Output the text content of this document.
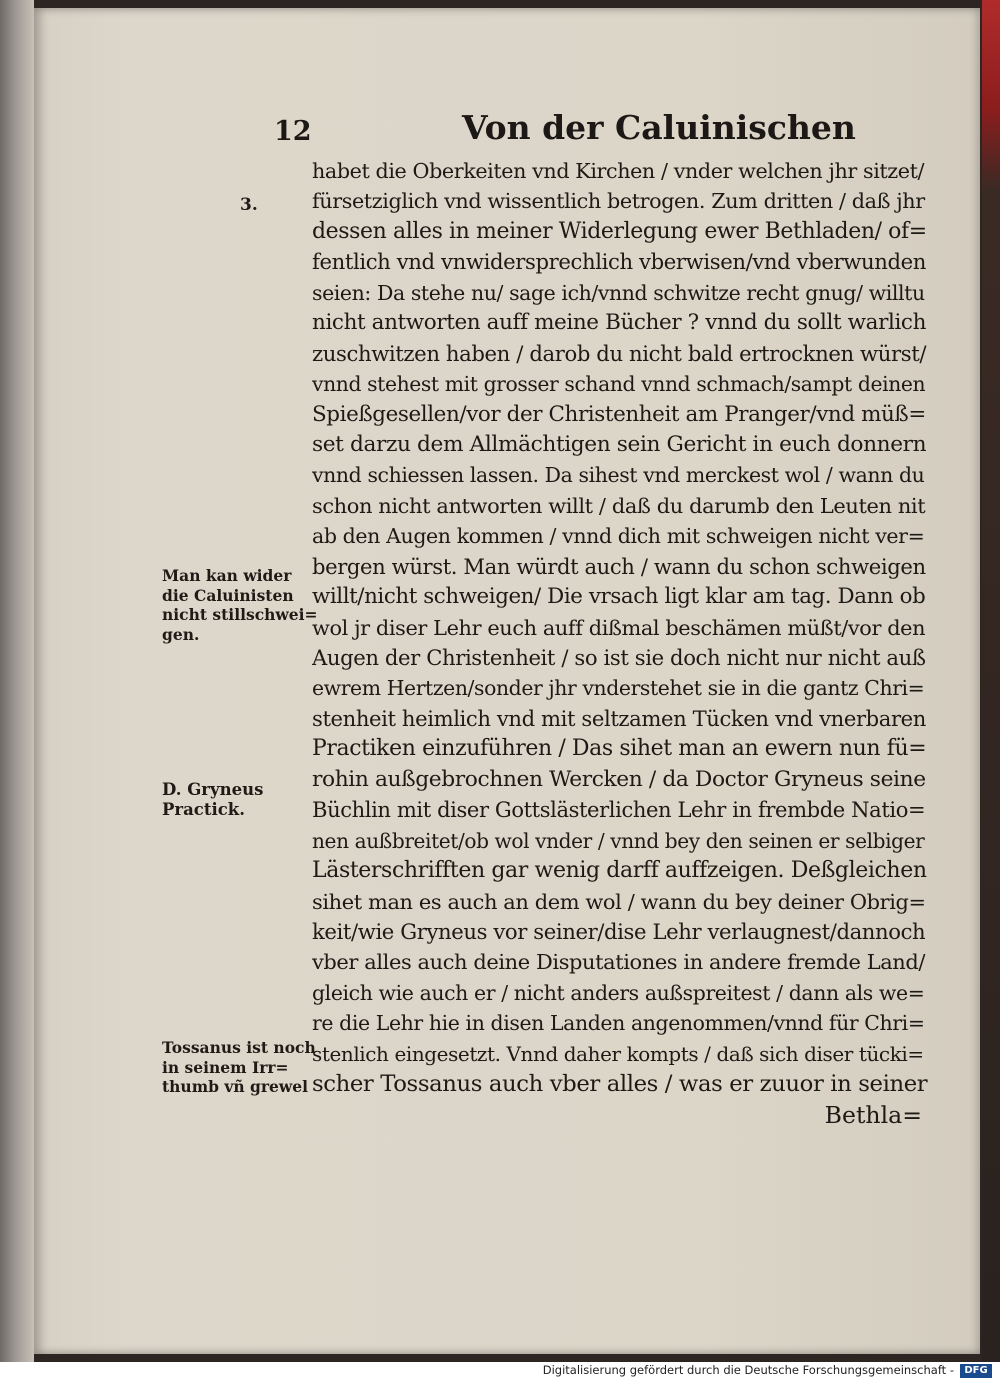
12	Von der Caluinischen
habet die Oberkeiten vnd Kirchen / vnder welchen jhr sitzet/
fürsetziglich vnd wissentlich betrogen. Zum dritten / daß jhr
dessen alles in meiner Widerlegung ewer Bethladen/ of=
fentlich vnd vnwidersprechlich vberwisen/vnd vberwunden
seien: Da stehe nu/ sage ich/vnnd schwitze recht gnug/ willtu
nicht antworten auff meine Bücher ? vnnd du sollt warlich
zuschwitzen haben / darob du nicht bald ertrocknen würst/
vnnd stehest mit grosser schand vnnd schmach/sampt deinen
Spießgesellen/vor der Christenheit am Pranger/vnd müß=
set darzu dem Allmächtigen sein Gericht in euch donnern
vnnd schiessen lassen. Da sihest vnd merckest wol / wann du
schon nicht antworten willt / daß du darumb den Leuten nit
ab den Augen kommen / vnnd dich mit schweigen nicht ver=
bergen würst. Man würdt auch / wann du schon schweigen
willt/nicht schweigen/ Die vrsach ligt klar am tag. Dann ob
wol jr diser Lehr euch auff dißmal beschämen müßt/vor den
Augen der Christenheit / so ist sie doch nicht nur nicht auß
ewrem Hertzen/sonder jhr vnderstehet sie in die gantz Chri=
stenheit heimlich vnd mit seltzamen Tücken vnd vnerbaren
Practiken einzuführen / Das sihet man an ewern nun fü=
rohin außgebrochnen Wercken / da Doctor Gryneus seine
Büchlin mit diser Gottslästerlichen Lehr in frembde Natio=
nen außbreitet/ob wol vnder / vnnd bey den seinen er selbiger
Lästerschrifften gar wenig darff auffzeigen. Deßgleichen
sihet man es auch an dem wol / wann du bey deiner Obrig=
keit/wie Gryneus vor seiner/dise Lehr verlaugnest/dannoch
vber alles auch deine Disputationes in andere fremde Land/
gleich wie auch er / nicht anders außspreitest / dann als we=
re die Lehr hie in disen Landen angenommen/vnnd für Chri=
stenlich eingesetzt. Vnnd daher kompts / daß sich diser tücki=
scher Tossanus auch vber alles / was er zuuor in seiner
Bethla=
3.
Man kan wider
die Caluinisten
nicht stillschwei=
gen.
D. Gryneus
Practick.
Tossanus ist noch
in seinem Irr=
thumb vñ grewel
Digitalisierung gefördert durch die Deutsche Forschungsgemeinschaft -	DFG
